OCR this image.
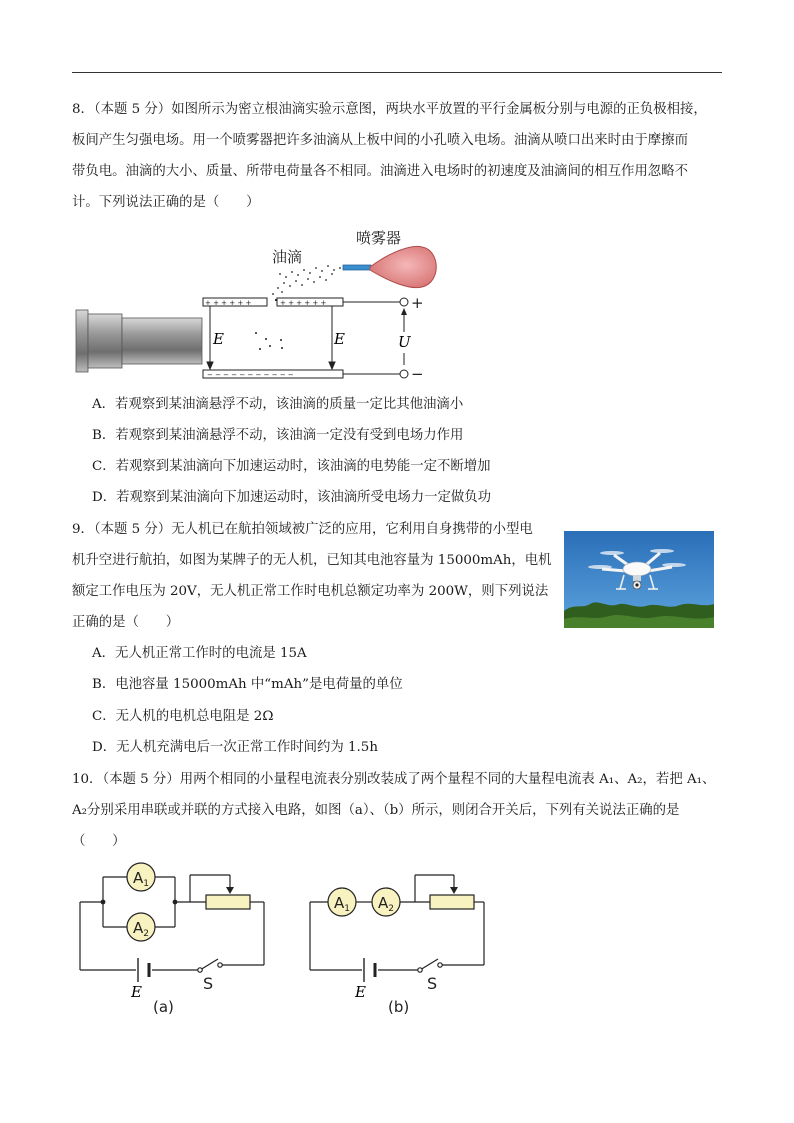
8．（本题 5 分）如图所示为密立根油滴实验示意图，两块水平放置的平行金属板分别与电源的正负极相接，
板间产生匀强电场。用一个喷雾器把许多油滴从上板中间的小孔喷入电场。油滴从喷口出来时由于摩擦而
带负电。油滴的大小、质量、所带电荷量各不相同。油滴进入电场时的初速度及油滴间的相互作用忽略不
计。下列说法正确的是（　　）

+ + + + + +	+ + + + + +
− − − − − − − − − − −
E	E
+
−
U
喷雾器
油滴
A．若观察到某油滴悬浮不动，该油滴的质量一定比其他油滴小
B．若观察到某油滴悬浮不动，该油滴一定没有受到电场力作用
C．若观察到某油滴向下加速运动时，该油滴的电势能一定不断增加
D．若观察到某油滴向下加速运动时，该油滴所受电场力一定做负功

9．（本题 5 分）无人机已在航拍领域被广泛的应用，它利用自身携带的小型电
机升空进行航拍，如图为某牌子的无人机，已知其电池容量为 15000mAh，电机
额定工作电压为 20V，无人机正常工作时电机总额定功率为 200W，则下列说法
正确的是（　　）

A．无人机正常工作时的电流是 15A
B．电池容量 15000mAh 中“mAh”是电荷量的单位
C．无人机的电机总电阻是 2Ω
D．无人机充满电后一次正常工作时间约为 1.5h

10．（本题 5 分）用两个相同的小量程电流表分别改装成了两个量程不同的大量程电流表 A₁、A₂，若把 A₁、
A₂分别采用串联或并联的方式接入电路，如图（a）、（b）所示，则闭合开关后，下列有关说法正确的是
（　　）

$A_1$
$A_2$
E	S
(a)
$A_1$ $A_2$
E	S
(b)
